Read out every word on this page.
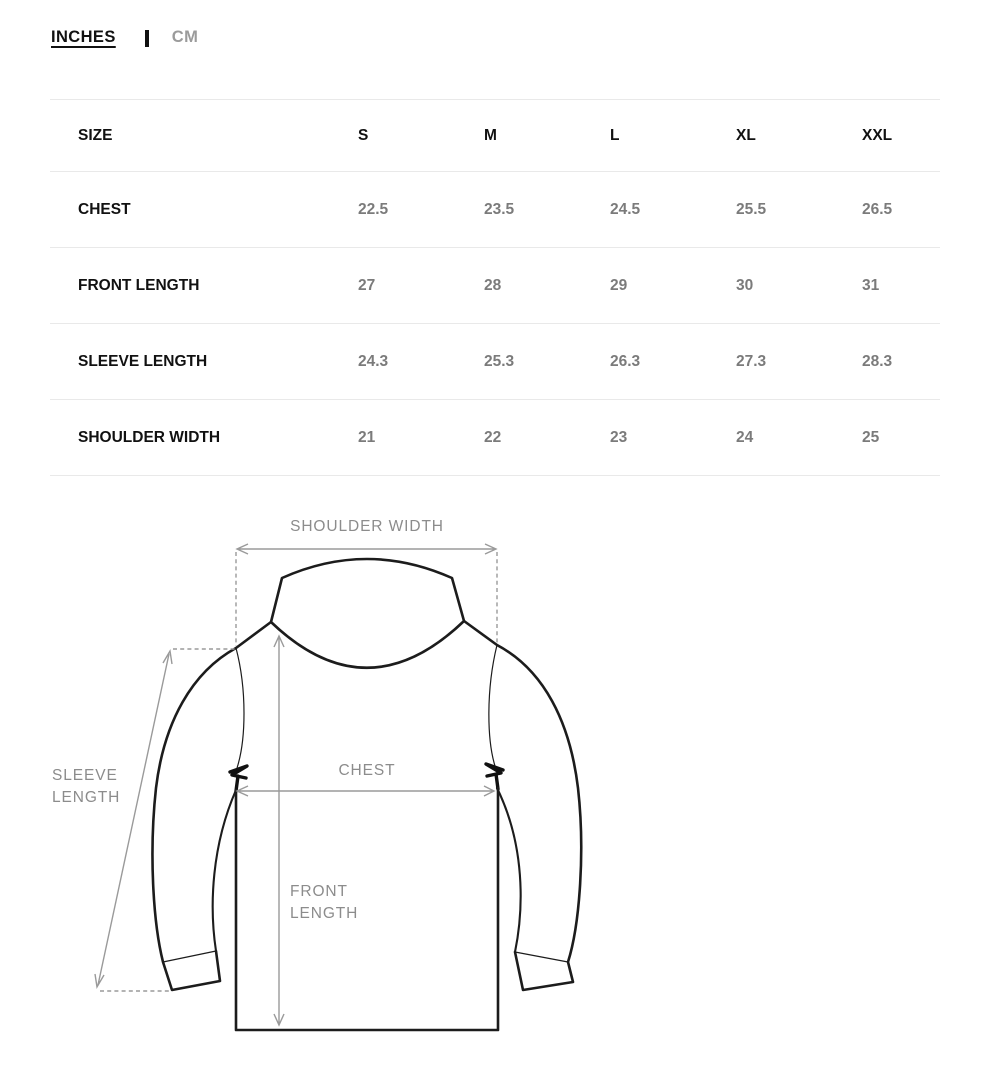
INCHES	CM
SIZE	S	M	L	XL	XXL
CHEST	22.5	23.5	24.5	25.5	26.5
FRONT LENGTH	27	28	29	30	31
SLEEVE LENGTH	24.3	25.3	26.3	27.3	28.3
SHOULDER WIDTH	21	22	23	24	25
SHOULDER WIDTH
CHEST
SLEEVE
LENGTH
FRONT
LENGTH
